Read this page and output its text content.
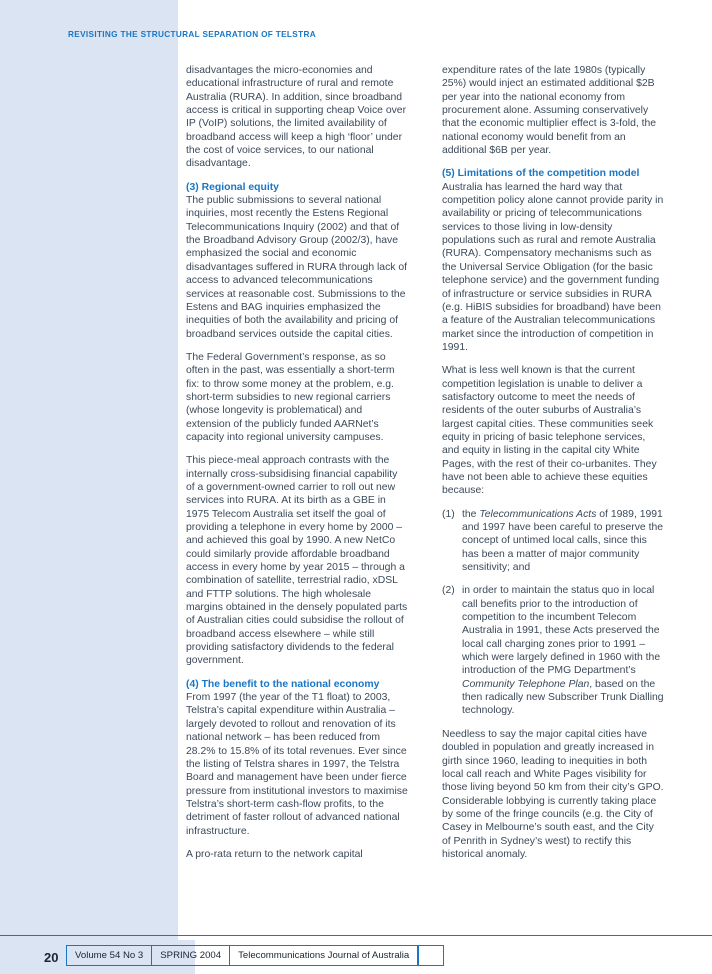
REVISITING THE STRUCTURAL SEPARATION OF TELSTRA

disadvantages the micro-economies and educational infrastructure of rural and remote Australia (RURA). In addition, since broadband access is critical in supporting cheap Voice over IP (VoIP) solutions, the limited availability of broadband access will keep a high ‘floor’ under the cost of voice services, to our national disadvantage.

(3) Regional equity

The public submissions to several national inquiries, most recently the Estens Regional Telecommunications Inquiry (2002) and that of the Broadband Advisory Group (2002/3), have emphasized the social and economic disadvantages suffered in RURA through lack of access to advanced telecommunications services at reasonable cost. Submissions to the Estens and BAG inquiries emphasized the inequities of both the availability and pricing of broadband services outside the capital cities.

The Federal Government’s response, as so often in the past, was essentially a short-term fix: to throw some money at the problem, e.g. short-term subsidies to new regional carriers (whose longevity is problematical) and extension of the publicly funded AARNet’s capacity into regional university campuses.

This piece-meal approach contrasts with the internally cross-subsidising financial capability of a government-owned carrier to roll out new services into RURA. At its birth as a GBE in 1975 Telecom Australia set itself the goal of providing a telephone in every home by 2000 – and achieved this goal by 1990. A new NetCo could similarly provide affordable broadband access in every home by year 2015 – through a combination of satellite, terrestrial radio, xDSL and FTTP solutions. The high wholesale margins obtained in the densely populated parts of Australian cities could subsidise the rollout of broadband access elsewhere – while still providing satisfactory dividends to the federal government.

(4) The benefit to the national economy

From 1997 (the year of the T1 float) to 2003, Telstra’s capital expenditure within Australia – largely devoted to rollout and renovation of its national network – has been reduced from 28.2% to 15.8% of its total revenues. Ever since the listing of Telstra shares in 1997, the Telstra Board and management have been under fierce pressure from institutional investors to maximise Telstra’s short-term cash-flow profits, to the detriment of faster rollout of advanced national infrastructure.

A pro-rata return to the network capital

expenditure rates of the late 1980s (typically 25%) would inject an estimated additional $2B per year into the national economy from procurement alone. Assuming conservatively that the economic multiplier effect is 3-fold, the national economy would benefit from an additional $6B per year.

(5) Limitations of the competition model

Australia has learned the hard way that competition policy alone cannot provide parity in availability or pricing of telecommunications services to those living in low-density populations such as rural and remote Australia (RURA). Compensatory mechanisms such as the Universal Service Obligation (for the basic telephone service) and the government funding of infrastructure or service subsidies in RURA (e.g. HiBIS subsidies for broadband) have been a feature of the Australian telecommunications market since the introduction of competition in 1991.

What is less well known is that the current competition legislation is unable to deliver a satisfactory outcome to meet the needs of residents of the outer suburbs of Australia’s largest capital cities. These communities seek equity in pricing of basic telephone services, and equity in listing in the capital city White Pages, with the rest of their co-urbanites. They have not been able to achieve these equities because:

(1) the Telecommunications Acts of 1989, 1991 and 1997 have been careful to preserve the concept of untimed local calls, since this has been a matter of major community sensitivity; and
(2) in order to maintain the status quo in local call benefits prior to the introduction of competition to the incumbent Telecom Australia in 1991, these Acts preserved the local call charging zones prior to 1991 – which were largely defined in 1960 with the introduction of the PMG Department’s Community Telephone Plan, based on the then radically new Subscriber Trunk Dialling technology.

Needless to say the major capital cities have doubled in population and greatly increased in girth since 1960, leading to inequities in both local call reach and White Pages visibility for those living beyond 50 km from their city’s GPO. Considerable lobbying is currently taking place by some of the fringe councils (e.g. the City of Casey in Melbourne’s south east, and the City of Penrith in Sydney’s west) to rectify this historical anomaly.

20	Volume 54 No 3	SPRING 2004	Telecommunications Journal of Australia
